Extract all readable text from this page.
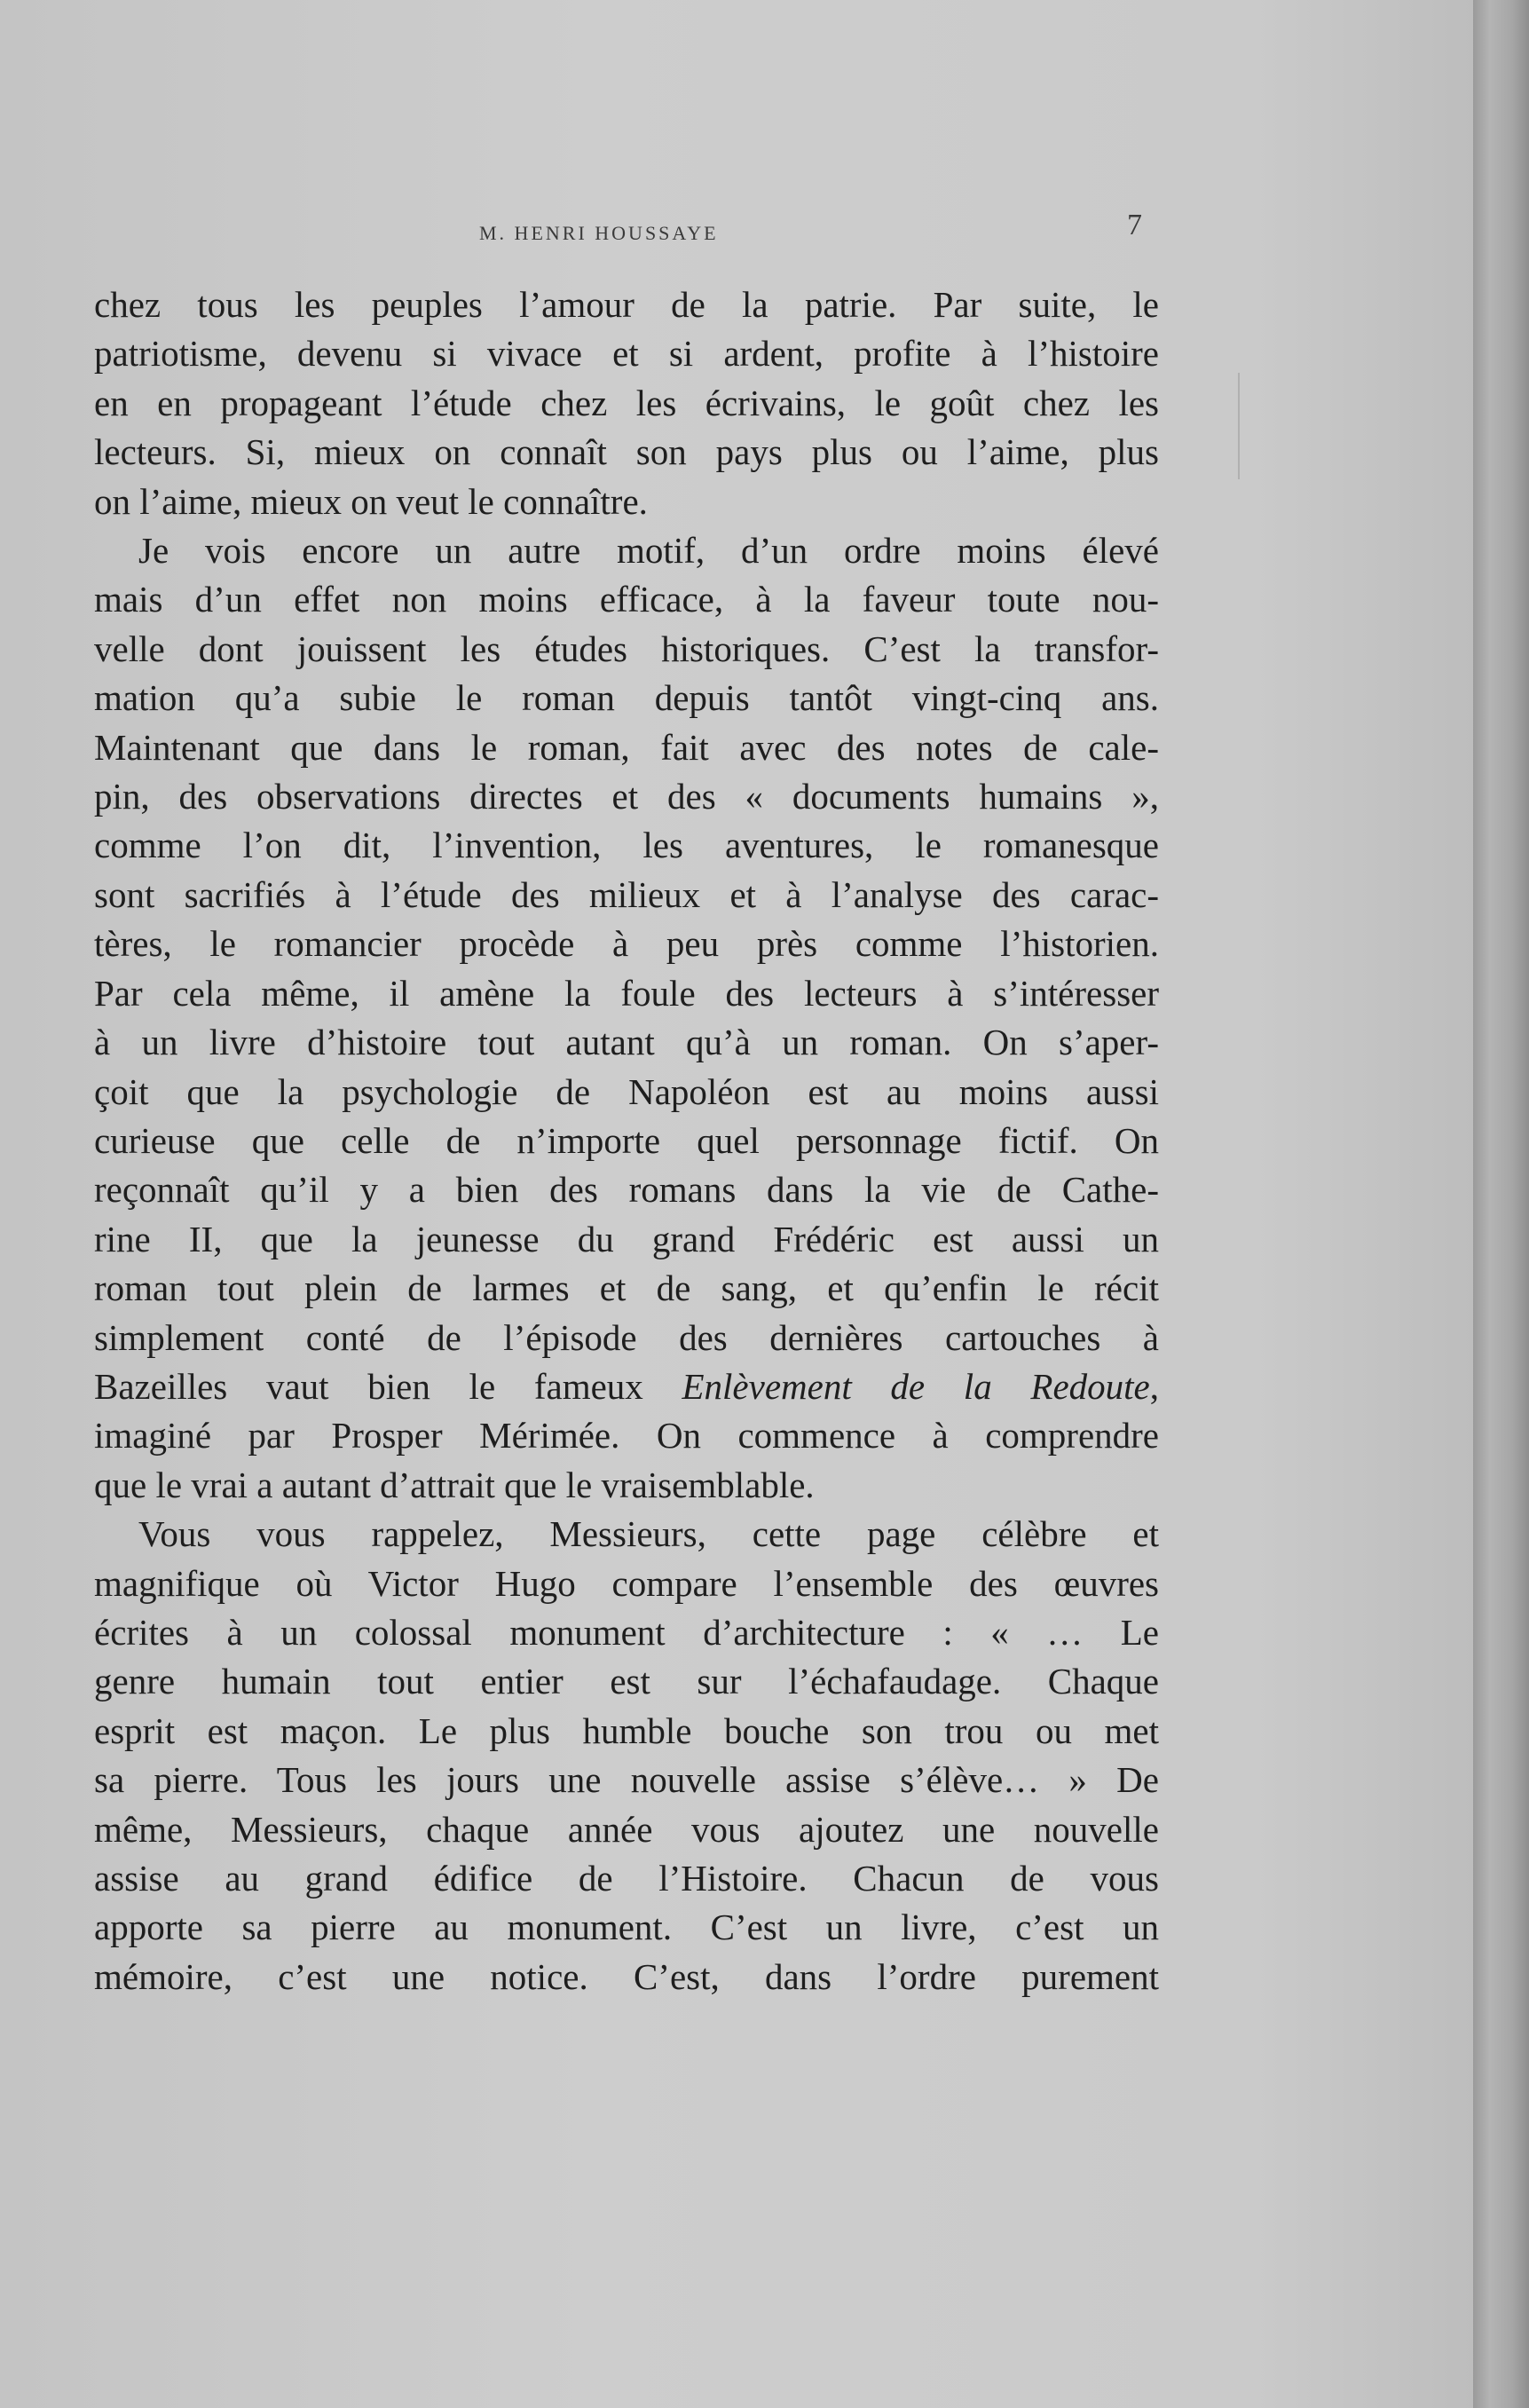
M. HENRI HOUSSAYE	7
chez tous les peuples l’amour de la patrie. Par suite, le
patriotisme, devenu si vivace et si ardent, profite à l’histoire
en en propageant l’étude chez les écrivains, le goût chez les
lecteurs. Si, mieux on connaît son pays plus ou l’aime, plus
on l’aime, mieux on veut le connaître.
Je vois encore un autre motif, d’un ordre moins élevé
mais d’un effet non moins efficace, à la faveur toute nou-
velle dont jouissent les études historiques. C’est la transfor-
mation qu’a subie le roman depuis tantôt vingt-cinq ans.
Maintenant que dans le roman, fait avec des notes de cale-
pin, des observations directes et des « documents humains »,
comme l’on dit, l’invention, les aventures, le romanesque
sont sacrifiés à l’étude des milieux et à l’analyse des carac-
tères, le romancier procède à peu près comme l’historien.
Par cela même, il amène la foule des lecteurs à s’intéresser
à un livre d’histoire tout autant qu’à un roman. On s’aper-
çoit que la psychologie de Napoléon est au moins aussi
curieuse que celle de n’importe quel personnage fictif. On
reçonnaît qu’il y a bien des romans dans la vie de Cathe-
rine II, que la jeunesse du grand Frédéric est aussi un
roman tout plein de larmes et de sang, et qu’enfin le récit
simplement conté de l’épisode des dernières cartouches à
Bazeilles vaut bien le fameux Enlèvement de la Redoute,
imaginé par Prosper Mérimée. On commence à comprendre
que le vrai a autant d’attrait que le vraisemblable.
Vous vous rappelez, Messieurs, cette page célèbre et
magnifique où Victor Hugo compare l’ensemble des œuvres
écrites à un colossal monument d’architecture : « … Le
genre humain tout entier est sur l’échafaudage. Chaque
esprit est maçon. Le plus humble bouche son trou ou met
sa pierre. Tous les jours une nouvelle assise s’élève… » De
même, Messieurs, chaque année vous ajoutez une nouvelle
assise au grand édifice de l’Histoire. Chacun de vous
apporte sa pierre au monument. C’est un livre, c’est un
mémoire, c’est une notice. C’est, dans l’ordre purement
